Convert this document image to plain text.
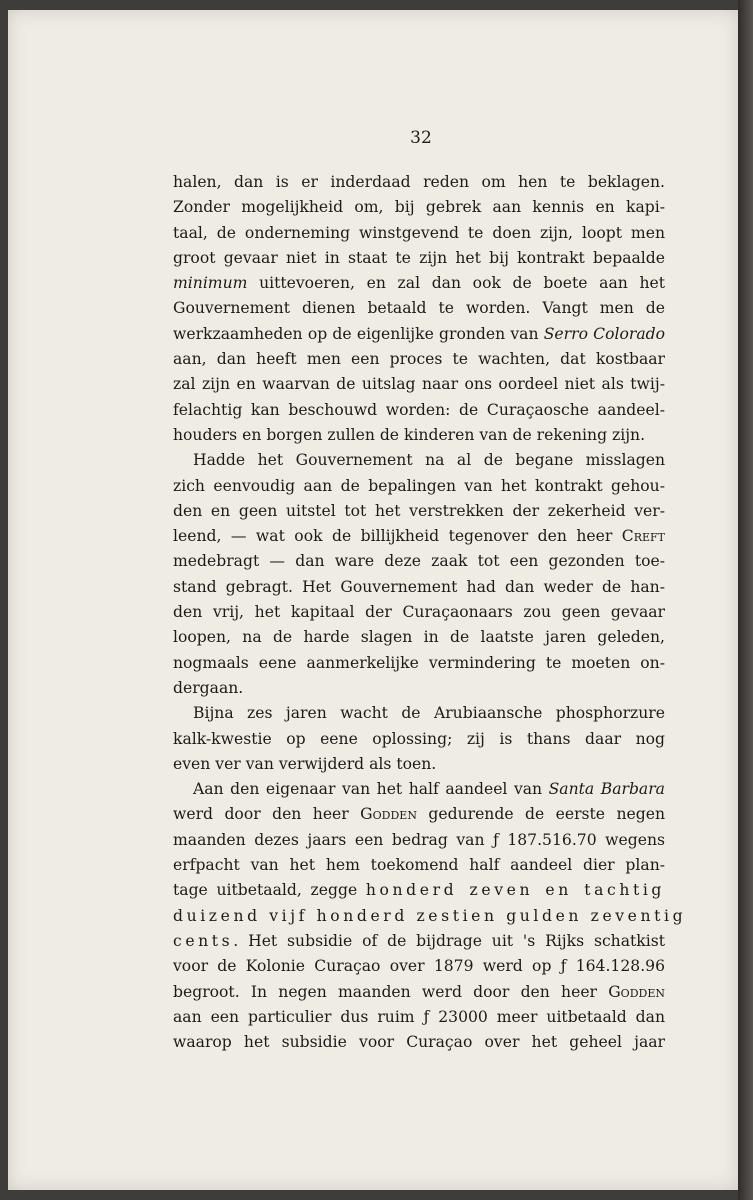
32
halen, dan is er inderdaad reden om hen te beklagen.
Zonder mogelijkheid om, bij gebrek aan kennis en kapi-
taal, de onderneming winstgevend te doen zijn, loopt men
groot gevaar niet in staat te zijn het bij kontrakt bepaalde
minimum uittevoeren, en zal dan ook de boete aan het
Gouvernement dienen betaald te worden. Vangt men de
werkzaamheden op de eigenlijke gronden van Serro Colorado
aan, dan heeft men een proces te wachten, dat kostbaar
zal zijn en waarvan de uitslag naar ons oordeel niet als twij-
felachtig kan beschouwd worden: de Curaçaosche aandeel-
houders en borgen zullen de kinderen van de rekening zijn.
Hadde het Gouvernement na al de begane misslagen
zich eenvoudig aan de bepalingen van het kontrakt gehou-
den en geen uitstel tot het verstrekken der zekerheid ver-
leend, — wat ook de billijkheid tegenover den heer Creft
medebragt — dan ware deze zaak tot een gezonden toe-
stand gebragt. Het Gouvernement had dan weder de han-
den vrij, het kapitaal der Curaçaonaars zou geen gevaar
loopen, na de harde slagen in de laatste jaren geleden,
nogmaals eene aanmerkelijke vermindering te moeten on-
dergaan.
Bijna zes jaren wacht de Arubiaansche phosphorzure
kalk-kwestie op eene oplossing; zij is thans daar nog
even ver van verwijderd als toen.
Aan den eigenaar van het half aandeel van Santa Barbara
werd door den heer Godden gedurende de eerste negen
maanden dezes jaars een bedrag van ƒ 187.516.70 wegens
erfpacht van het hem toekomend half aandeel dier plan-
tage uitbetaald, zegge honderd zeven en tachtig
duizend vijf honderd zestien gulden zeventig
cents. Het subsidie of de bijdrage uit 's Rijks schatkist
voor de Kolonie Curaçao over 1879 werd op ƒ 164.128.96
begroot. In negen maanden werd door den heer Godden
aan een particulier dus ruim ƒ 23000 meer uitbetaald dan
waarop het subsidie voor Curaçao over het geheel jaar
